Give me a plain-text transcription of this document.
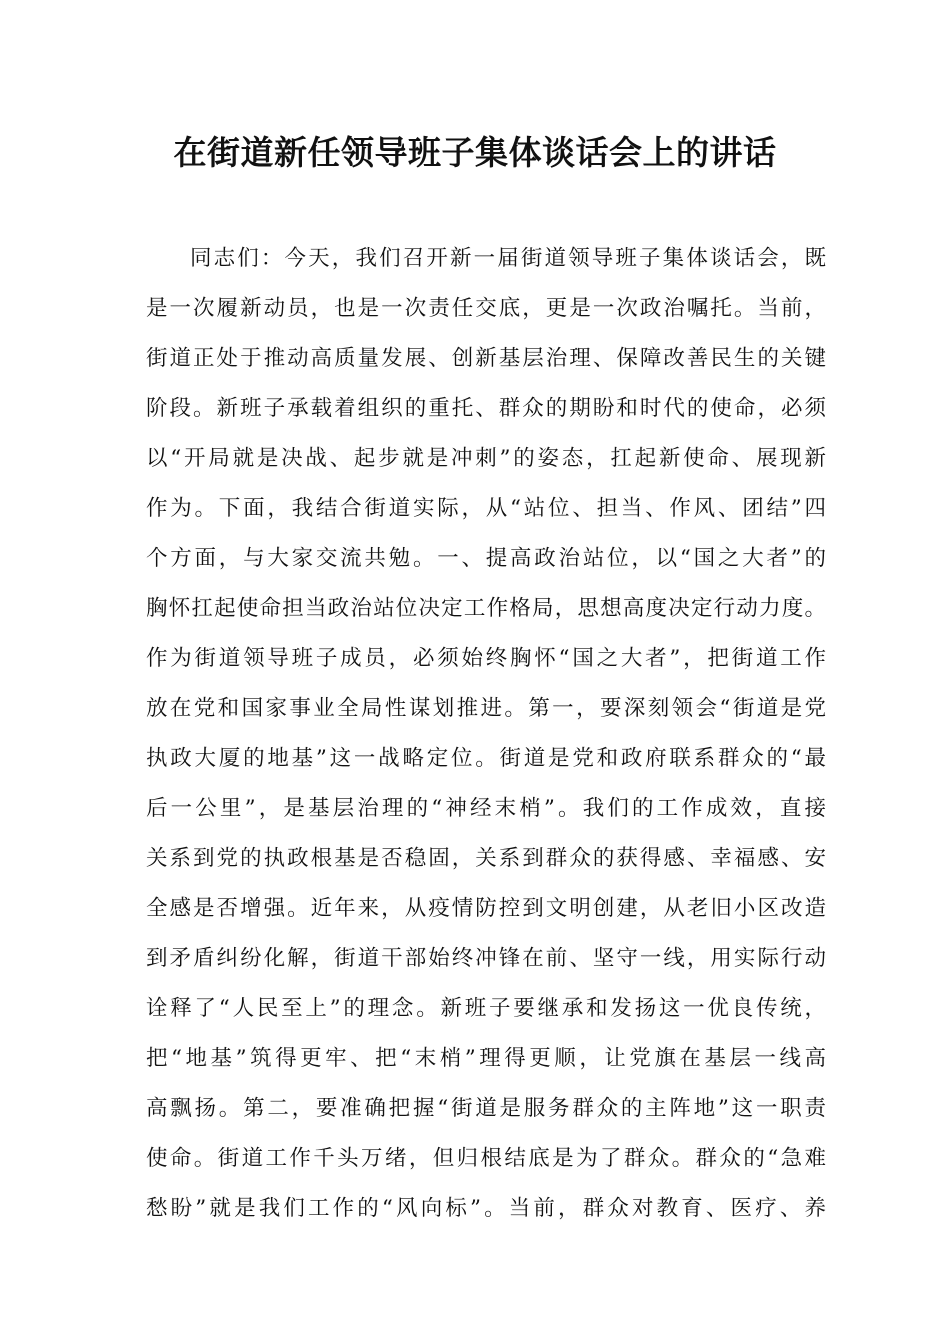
在街道新任领导班子集体谈话会上的讲话
同志们：今天，我们召开新一届街道领导班子集体谈话会，既
是一次履新动员，也是一次责任交底，更是一次政治嘱托。当前，
街道正处于推动高质量发展、创新基层治理、保障改善民生的关键
阶段。新班子承载着组织的重托、群众的期盼和时代的使命，必须
以“开局就是决战、起步就是冲刺”的姿态，扛起新使命、展现新
作为。下面，我结合街道实际，从“站位、担当、作风、团结”四
个方面，与大家交流共勉。一、提高政治站位，以“国之大者”的
胸怀扛起使命担当政治站位决定工作格局，思想高度决定行动力度。
作为街道领导班子成员，必须始终胸怀“国之大者”，把街道工作
放在党和国家事业全局性谋划推进。第一，要深刻领会“街道是党
执政大厦的地基”这一战略定位。街道是党和政府联系群众的“最
后一公里”，是基层治理的“神经末梢”。我们的工作成效，直接
关系到党的执政根基是否稳固，关系到群众的获得感、幸福感、安
全感是否增强。近年来，从疫情防控到文明创建，从老旧小区改造
到矛盾纠纷化解，街道干部始终冲锋在前、坚守一线，用实际行动
诠释了“人民至上”的理念。新班子要继承和发扬这一优良传统，
把“地基”筑得更牢、把“末梢”理得更顺，让党旗在基层一线高
高飘扬。第二，要准确把握“街道是服务群众的主阵地”这一职责
使命。街道工作千头万绪，但归根结底是为了群众。群众的“急难
愁盼”就是我们工作的“风向标”。当前，群众对教育、医疗、养
